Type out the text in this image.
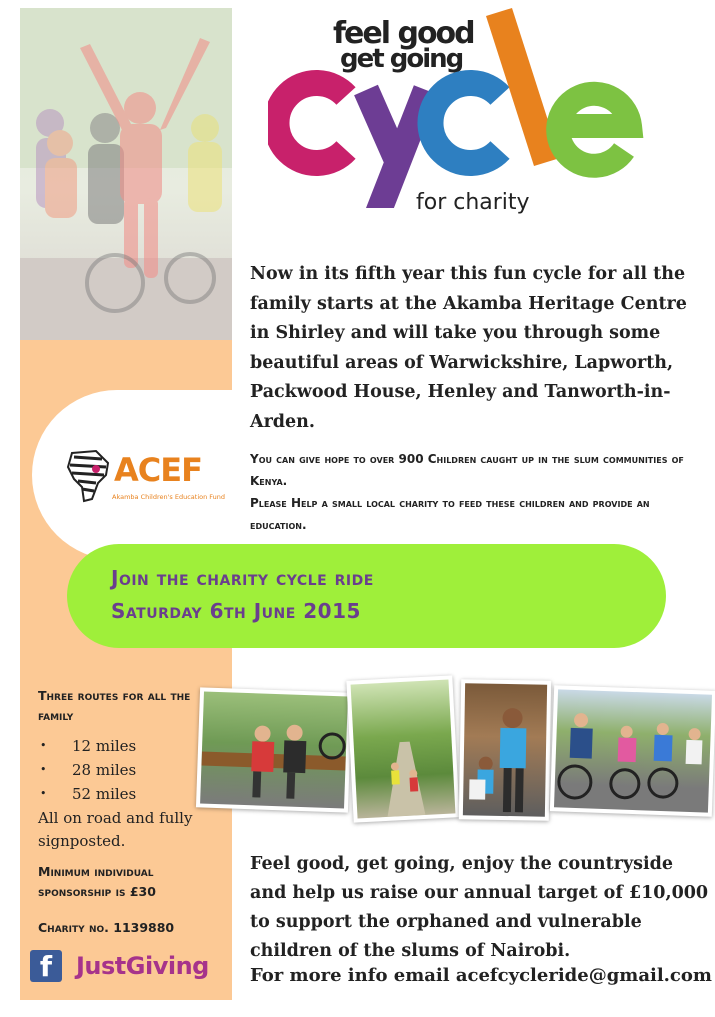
feel good
get going
for charity
Now in its fifth year this fun cycle for all the family starts at the Akamba Heritage Centre in Shirley and will take you through some beautiful areas of Warwickshire, Lapworth, Packwood House, Henley and Tanworth-in-Arden.
ACEF
Akamba Children's Education Fund

You can give hope to over 900 Children caught up in the slum communities of Kenya.

Please Help a small local charity to feed these children and provide an education.

Join the charity cycle ride
Saturday 6th June 2015
Three routes for all the family
• 12 miles
• 28 miles
• 52 miles
All on road and fully signposted.
Minimum individual sponsorship is £30
Charity no. 1139880
f JustGiving
Feel good, get going, enjoy the countryside and help us raise our annual target of £10,000 to support the orphaned and vulnerable children of the slums of Nairobi.
For more info email acefcycleride@gmail.com
